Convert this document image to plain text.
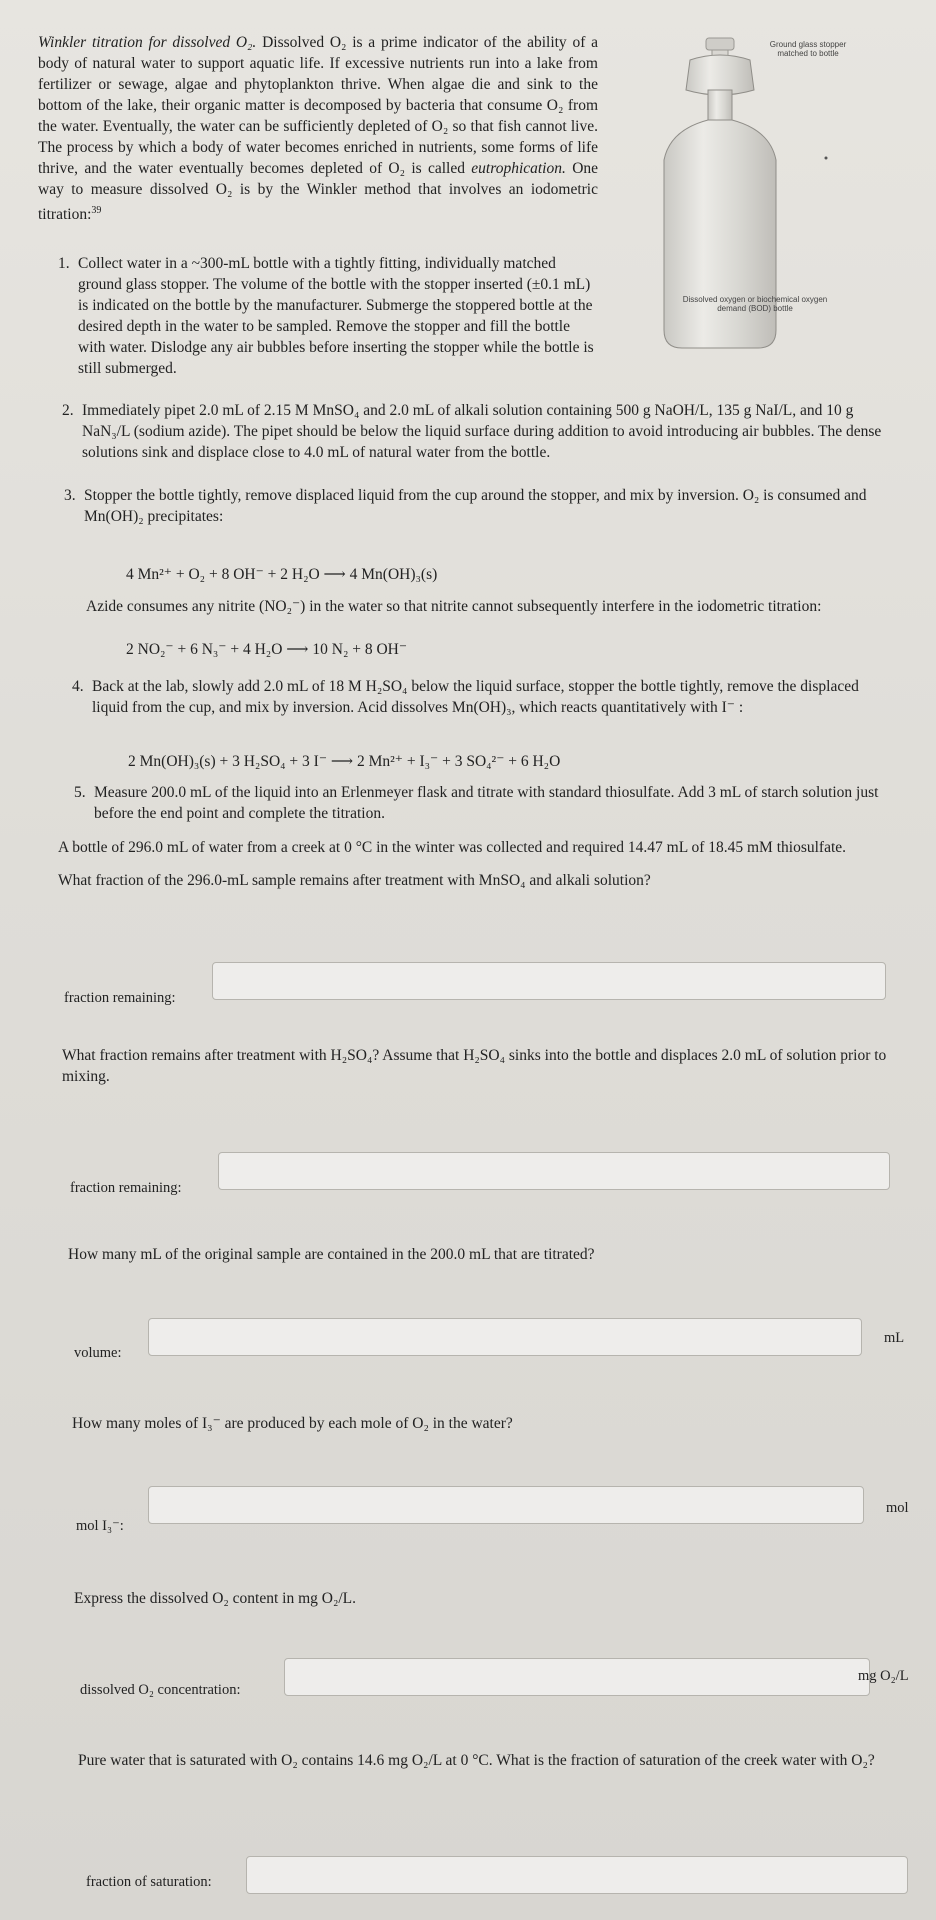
Winkler titration for dissolved O₂. Dissolved O₂ is a prime indicator of the ability of a body of natural water to support aquatic life. If excessive nutrients run into a lake from fertilizer or sewage, algae and phytoplankton thrive. When algae die and sink to the bottom of the lake, their organic matter is decomposed by bacteria that consume O₂ from the water. Eventually, the water can be sufficiently depleted of O₂ so that fish cannot live. The process by which a body of water becomes enriched in nutrients, some forms of life thrive, and the water eventually becomes depleted of O₂ is called eutrophication. One way to measure dissolved O₂ is by the Winkler method that involves an iodometric titration:$^{39}$

Ground glass stopper matched to bottle
Dissolved oxygen or biochemical oxygen demand (BOD) bottle
1. Collect water in a ~300-mL bottle with a tightly fitting, individually matched ground glass stopper. The volume of the bottle with the stopper inserted (±0.1 mL) is indicated on the bottle by the manufacturer. Submerge the stoppered bottle at the desired depth in the water to be sampled. Remove the stopper and fill the bottle with water. Dislodge any air bubbles before inserting the stopper while the bottle is still submerged.
2. Immediately pipet 2.0 mL of 2.15 M MnSO₄ and 2.0 mL of alkali solution containing 500 g NaOH/L, 135 g NaI/L, and 10 g NaN₃/L (sodium azide). The pipet should be below the liquid surface during addition to avoid introducing air bubbles. The dense solutions sink and displace close to 4.0 mL of natural water from the bottle.
3. Stopper the bottle tightly, remove displaced liquid from the cup around the stopper, and mix by inversion. O₂ is consumed and Mn(OH)₂ precipitates:
4 Mn²⁺ + O₂ + 8 OH⁻ + 2 H₂O ⟶ 4 Mn(OH)₃(s)
Azide consumes any nitrite (NO₂⁻) in the water so that nitrite cannot subsequently interfere in the iodometric titration:
2 NO₂⁻ + 6 N₃⁻ + 4 H₂O ⟶ 10 N₂ + 8 OH⁻
4. Back at the lab, slowly add 2.0 mL of 18 M H₂SO₄ below the liquid surface, stopper the bottle tightly, remove the displaced liquid from the cup, and mix by inversion. Acid dissolves Mn(OH)₃, which reacts quantitatively with I⁻ :
2 Mn(OH)₃(s) + 3 H₂SO₄ + 3 I⁻ ⟶ 2 Mn²⁺ + I₃⁻ + 3 SO₄²⁻ + 6 H₂O
5. Measure 200.0 mL of the liquid into an Erlenmeyer flask and titrate with standard thiosulfate. Add 3 mL of starch solution just before the end point and complete the titration.
A bottle of 296.0 mL of water from a creek at 0 °C in the winter was collected and required 14.47 mL of 18.45 mM thiosulfate.
What fraction of the 296.0-mL sample remains after treatment with MnSO₄ and alkali solution?
fraction remaining:
What fraction remains after treatment with H₂SO₄? Assume that H₂SO₄ sinks into the bottle and displaces 2.0 mL of solution prior to mixing.
fraction remaining:
How many mL of the original sample are contained in the 200.0 mL that are titrated?
volume:
mL
How many moles of I₃⁻ are produced by each mole of O₂ in the water?
mol I₃⁻:
mol
Express the dissolved O₂ content in mg O₂/L.
dissolved O₂ concentration:
mg O₂/L
Pure water that is saturated with O₂ contains 14.6 mg O₂/L at 0 °C. What is the fraction of saturation of the creek water with O₂?
fraction of saturation:
